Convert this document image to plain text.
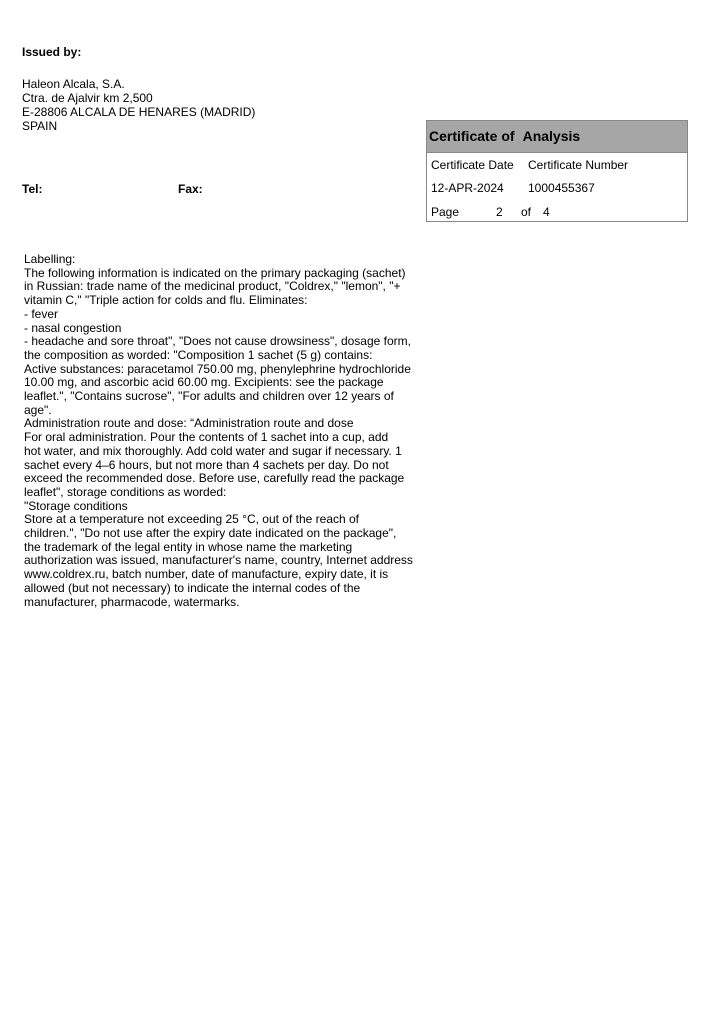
Issued by:
Haleon Alcala, S.A.
Ctra. de Ajalvir km 2,500
E-28806 ALCALA DE HENARES (MADRID)
SPAIN
Tel:	Fax:
Certificate of Analysis
Certificate Date Certificate Number
12-APR-2024 1000455367
Page	2 of 4
Labelling:
The following information is indicated on the primary packaging (sachet)
in Russian: trade name of the medicinal product, "Coldrex," "lemon", "+
vitamin C," "Triple action for colds and flu. Eliminates:
- fever
- nasal congestion
- headache and sore throat", "Does not cause drowsiness", dosage form,
the composition as worded: "Composition 1 sachet (5 g) contains:
Active substances: paracetamol 750.00 mg, phenylephrine hydrochloride
10.00 mg, and ascorbic acid 60.00 mg. Excipients: see the package
leaflet.", "Contains sucrose", "For adults and children over 12 years of
age".
Administration route and dose: “Administration route and dose
For oral administration. Pour the contents of 1 sachet into a cup, add
hot water, and mix thoroughly. Add cold water and sugar if necessary. 1
sachet every 4–6 hours, but not more than 4 sachets per day. Do not
exceed the recommended dose. Before use, carefully read the package
leaflet", storage conditions as worded:
"Storage conditions
Store at a temperature not exceeding 25 °C, out of the reach of
children.", "Do not use after the expiry date indicated on the package",
the trademark of the legal entity in whose name the marketing
authorization was issued, manufacturer's name, country, Internet address
www.coldrex.ru, batch number, date of manufacture, expiry date, it is
allowed (but not necessary) to indicate the internal codes of the
manufacturer, pharmacode, watermarks.
